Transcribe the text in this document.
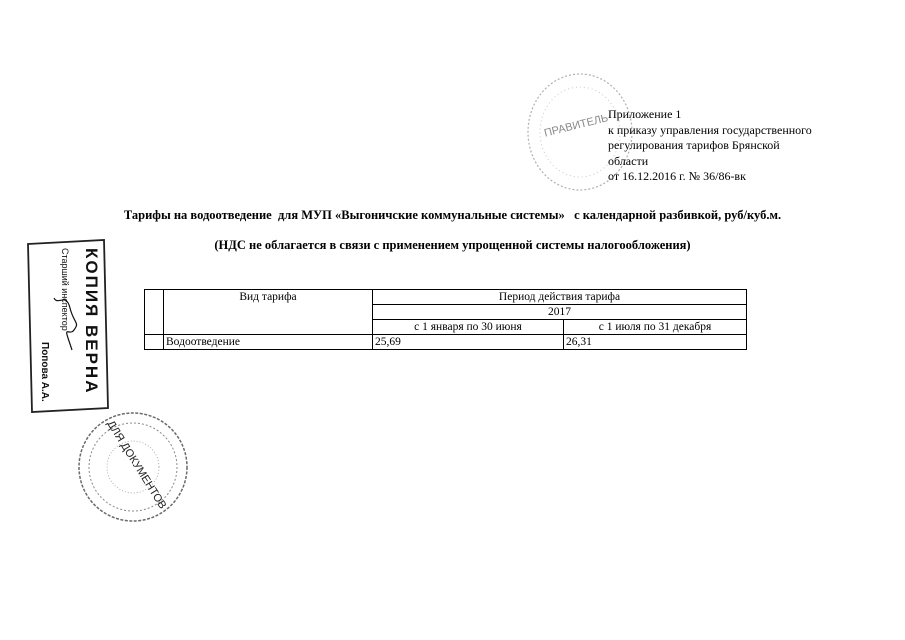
ПРАВИТЕЛЬ
Приложение 1
к приказу управления государственного
регулирования тарифов Брянской
области
от 16.12.2016 г. № 36/86-вк
Тарифы на водоотведение  для МУП «Выгоничские коммунальные системы»   с календарной разбивкой, руб/куб.м.
(НДС не облагается в связи с применением упрощенной системы налогообложения)
КОПИЯ ВЕРНА
Старший инспектор
Попова А.А.
ДЛЯ ДОКУМЕНТОВ
	Вид тарифа	Период действия тарифа	
		2017	
		с 1 января по 30 июня	с 1 июля по 31 декабря
	Водоотведение	25,69	26,31
